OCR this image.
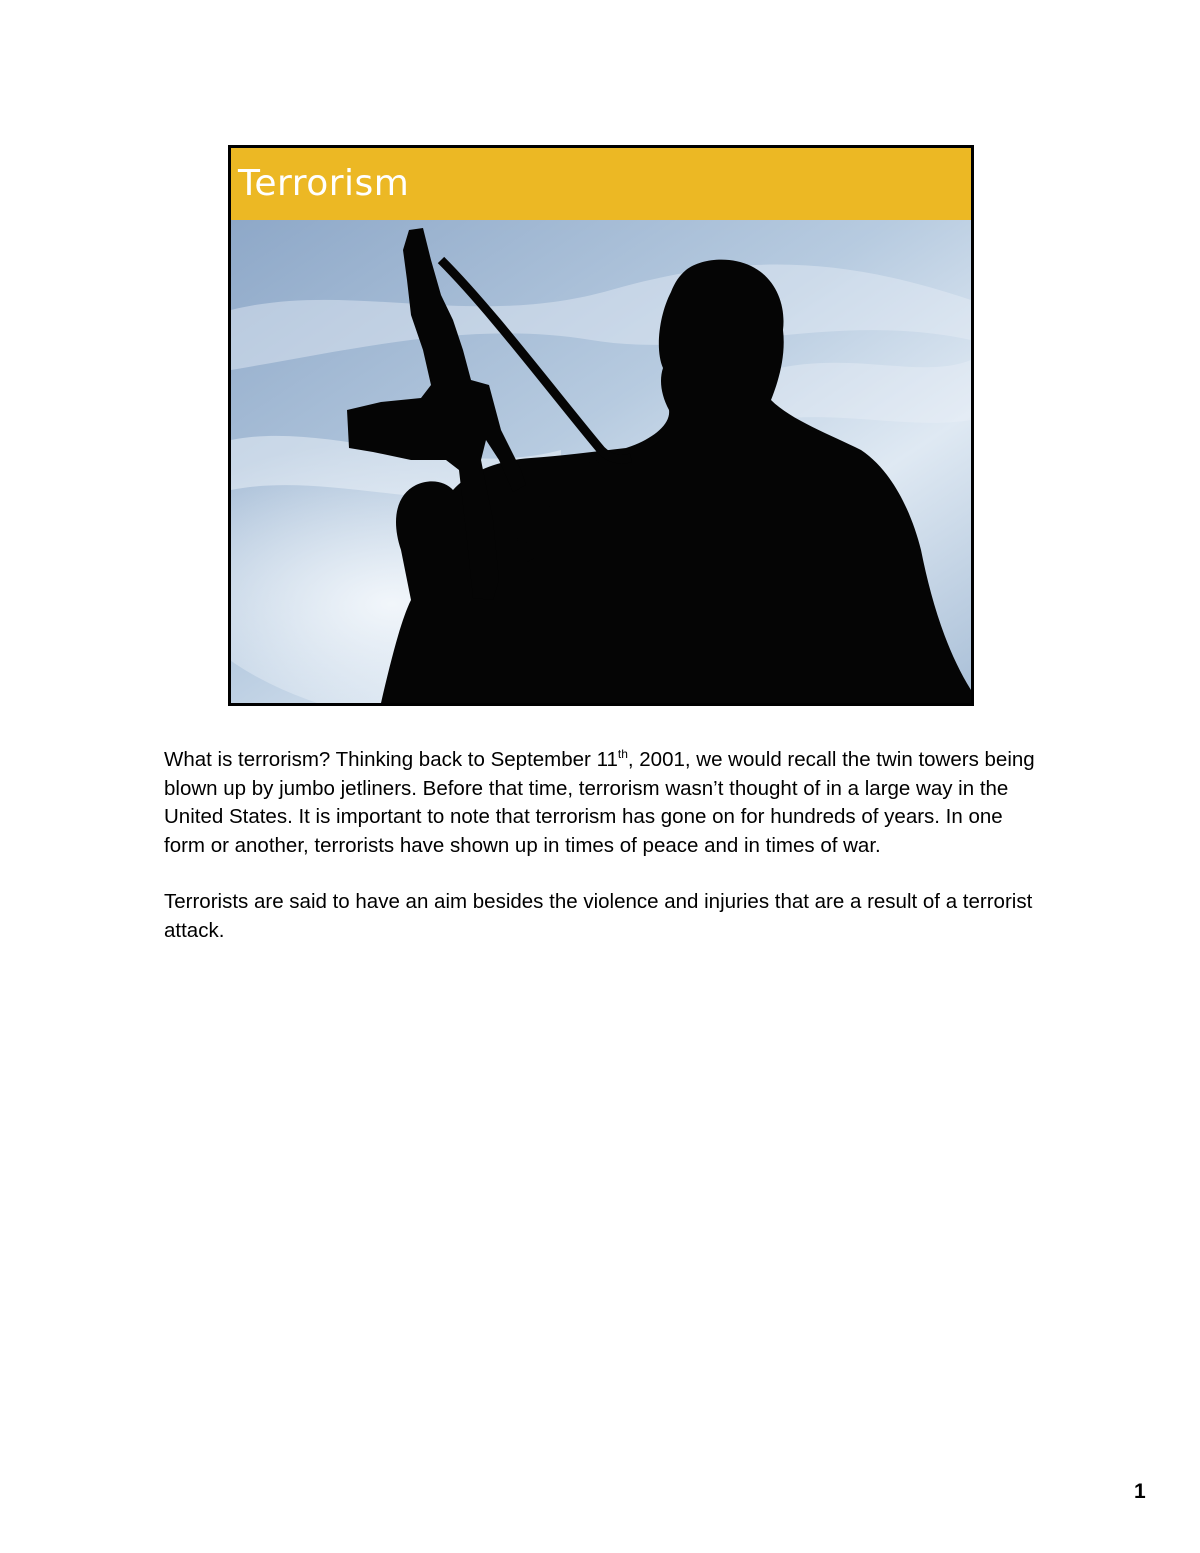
Terrorism

What is terrorism? Thinking back to September 11th, 2001, we would recall the twin towers being blown up by jumbo jetliners. Before that time, terrorism wasn’t thought of in a large way in the United States. It is important to note that terrorism has gone on for hundreds of years. In one form or another, terrorists have shown up in times of peace and in times of war.

Terrorists are said to have an aim besides the violence and injuries that are a result of a terrorist attack.

1
